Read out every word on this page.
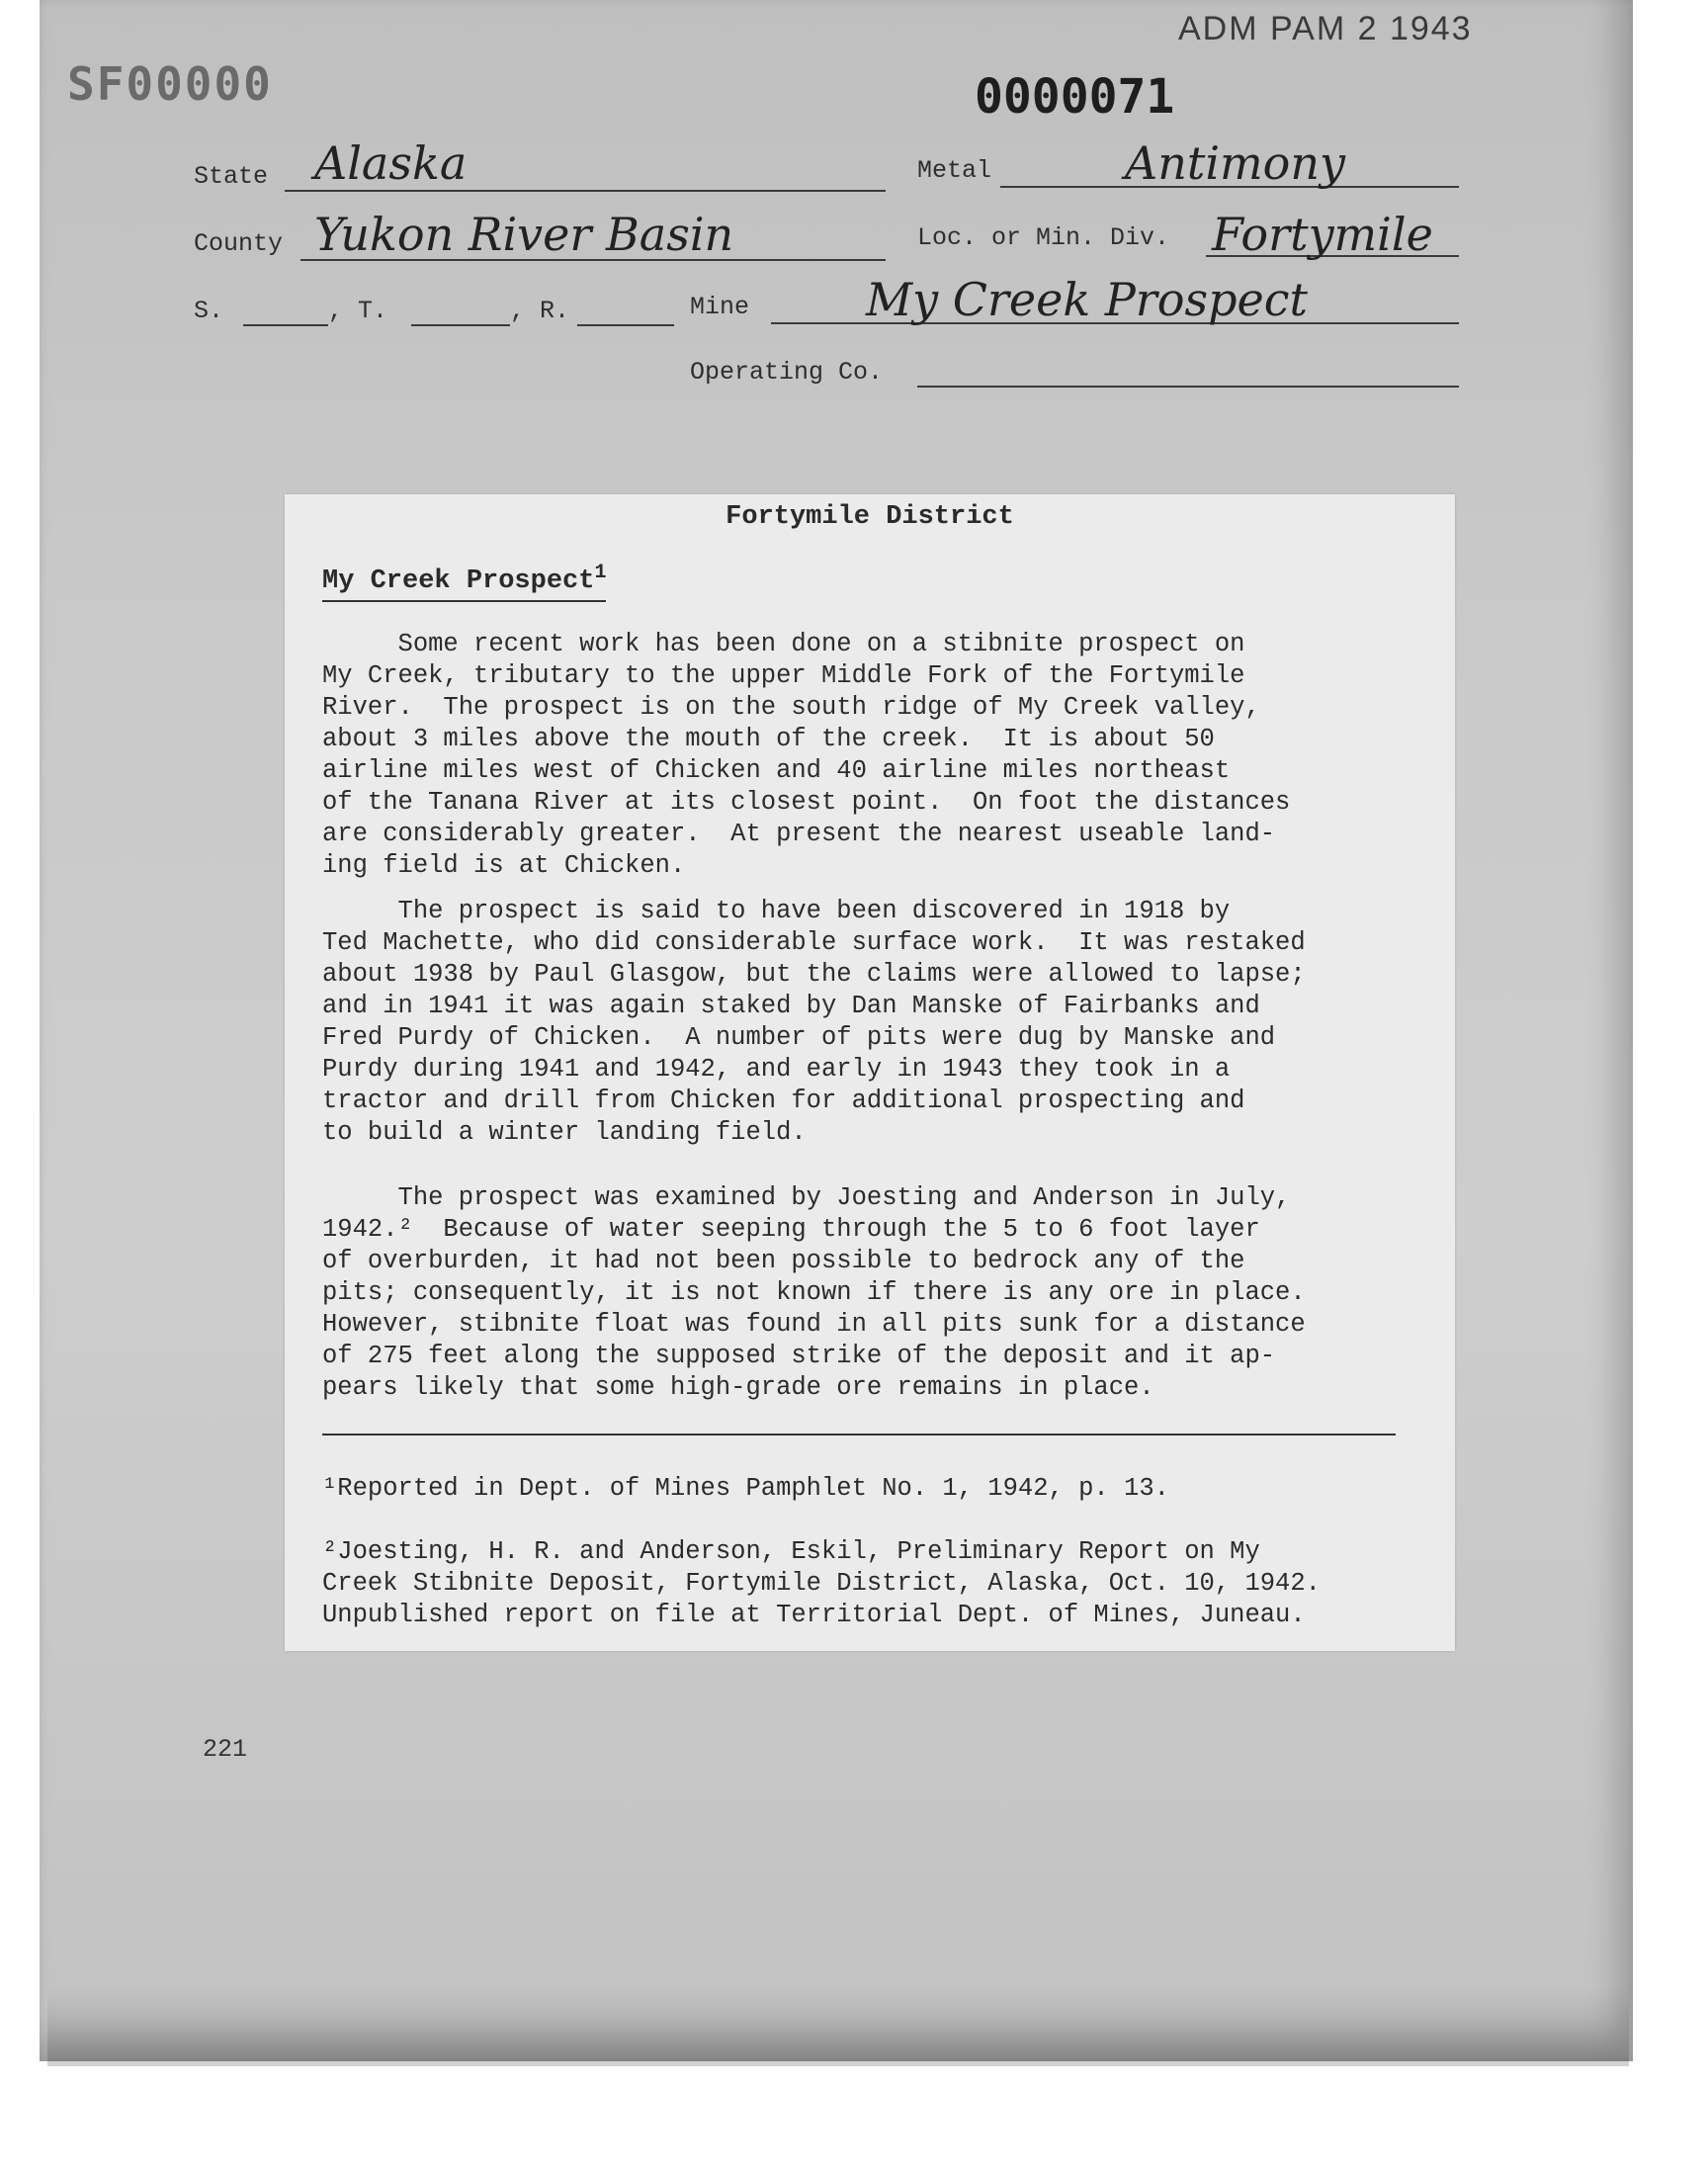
ADM PAM 2 1943
SF00000	0000071
State Alaska	Metal	Antimony
County Yukon River Basin	Loc. or Min. Div. Fortymile
S.	, T.	, R.	Mine	My Creek Prospect
Operating Co.
Fortymile District
My Creek Prospect$^1$

Some recent work has been done on a stibnite prospect on
My Creek, tributary to the upper Middle Fork of the Fortymile
River.  The prospect is on the south ridge of My Creek valley,
about 3 miles above the mouth of the creek.  It is about 50
airline miles west of Chicken and 40 airline miles northeast
of the Tanana River at its closest point.  On foot the distances
are considerably greater.  At present the nearest useable land-
ing field is at Chicken.

The prospect is said to have been discovered in 1918 by
Ted Machette, who did considerable surface work.  It was restaked
about 1938 by Paul Glasgow, but the claims were allowed to lapse;
and in 1941 it was again staked by Dan Manske of Fairbanks and
Fred Purdy of Chicken.  A number of pits were dug by Manske and
Purdy during 1941 and 1942, and early in 1943 they took in a
tractor and drill from Chicken for additional prospecting and
to build a winter landing field.

The prospect was examined by Joesting and Anderson in July,
1942.²  Because of water seeping through the 5 to 6 foot layer
of overburden, it had not been possible to bedrock any of the
pits; consequently, it is not known if there is any ore in place.
However, stibnite float was found in all pits sunk for a distance
of 275 feet along the supposed strike of the deposit and it ap-
pears likely that some high-grade ore remains in place.

¹Reported in Dept. of Mines Pamphlet No. 1, 1942, p. 13.

²Joesting, H. R. and Anderson, Eskil, Preliminary Report on My
Creek Stibnite Deposit, Fortymile District, Alaska, Oct. 10, 1942.
Unpublished report on file at Territorial Dept. of Mines, Juneau.

221
